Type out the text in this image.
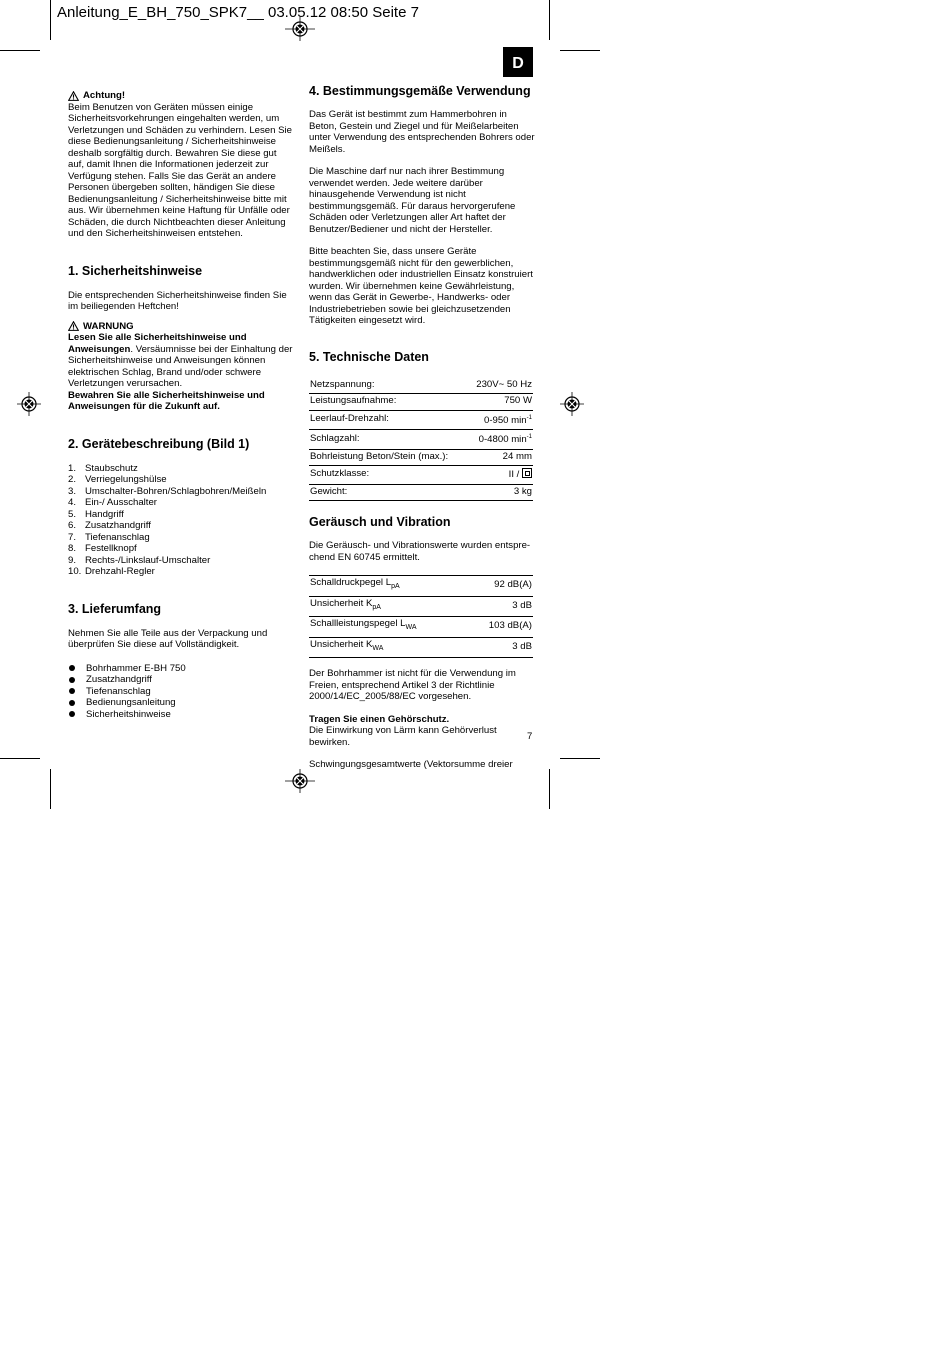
Anleitung_E_BH_750_SPK7__ 03.05.12 08:50 Seite 7
D
Achtung!

Beim Benutzen von Geräten müssen einige Sicherheitsvorkehrungen eingehalten werden, um Verletzungen und Schäden zu verhindern. Lesen Sie diese Bedienungsanleitung / Sicherheitshinweise deshalb sorgfältig durch. Bewahren Sie diese gut auf, damit Ihnen die Informationen jederzeit zur Verfügung stehen. Falls Sie das Gerät an andere Personen übergeben sollten, händigen Sie diese Bedienungsanleitung / Sicherheitshinweise bitte mit aus. Wir übernehmen keine Haftung für Unfälle oder Schäden, die durch Nichtbeachten dieser Anleitung und den Sicherheitshinweisen entstehen.

1. Sicherheitshinweise

Die entsprechenden Sicherheitshinweise finden Sie im beiliegenden Heftchen!

WARNUNG

Lesen Sie alle Sicherheitshinweise und Anweisungen. Versäumnisse bei der Einhaltung der Sicherheitshinweise und Anweisungen können elektrischen Schlag, Brand und/oder schwere Verletzungen verursachen.

Bewahren Sie alle Sicherheitshinweise und Anweisungen für die Zukunft auf.

2. Gerätebeschreibung (Bild 1)
1. Staubschutz
2. Verriegelungshülse
3. Umschalter-Bohren/Schlagbohren/Meißeln
4. Ein-/ Ausschalter
5. Handgriff
6. Zusatzhandgriff
7. Tiefenanschlag
8. Festellknopf
9. Rechts-/Linkslauf-Umschalter
10. Drehzahl-Regler
3. Lieferumfang

Nehmen Sie alle Teile aus der Verpackung und überprüfen Sie diese auf Vollständigkeit.

Bohrhammer E-BH 750
Zusatzhandgriff
Tiefenanschlag
Bedienungsanleitung
Sicherheitshinweise
4. Bestimmungsgemäße Verwendung

Das Gerät ist bestimmt zum Hammerbohren in Beton, Gestein und Ziegel und für Meißelarbeiten unter Verwendung des entsprechenden Bohrers oder Meißels.

Die Maschine darf nur nach ihrer Bestimmung verwendet werden. Jede weitere darüber hinausgehende Verwendung ist nicht bestimmungsgemäß. Für daraus hervorgerufene Schäden oder Verletzungen aller Art haftet der Benutzer/Bediener und nicht der Hersteller.

Bitte beachten Sie, dass unsere Geräte bestimmungsgemäß nicht für den gewerblichen, handwerklichen oder industriellen Einsatz konstruiert wurden. Wir übernehmen keine Gewährleistung, wenn das Gerät in Gewerbe-, Handwerks- oder Industriebetrieben sowie bei gleichzusetzenden Tätigkeiten eingesetzt wird.

5. Technische Daten
Netzspannung:	230V~ 50 Hz
Leistungsaufnahme:	750 W
Leerlauf-Drehzahl:	0-950 $\min^{-1}$
Schlagzahl:	0-4800 $\min^{-1}$
Bohrleistung Beton/Stein (max.):	24 mm
Schutzklasse:	II /
Gewicht:	3 kg
Geräusch und Vibration

Die Geräusch- und Vibrationswerte wurden entspre-
chend EN 60745 ermittelt.

Schalldruckpegel $L_{pA}$	92 dB(A)
Unsicherheit $K_{pA}$	3 dB
Schallleistungspegel $L_{WA}$	103 dB(A)
Unsicherheit $K_{WA}$	3 dB

Der Bohrhammer ist nicht für die Verwendung im Freien, entsprechend Artikel 3 der Richtlinie 2000/14/EC_2005/88/EC vorgesehen.

Tragen Sie einen Gehörschutz.

Die Einwirkung von Lärm kann Gehörverlust bewirken.

Schwingungsgesamtwerte (Vektorsumme dreier

7
